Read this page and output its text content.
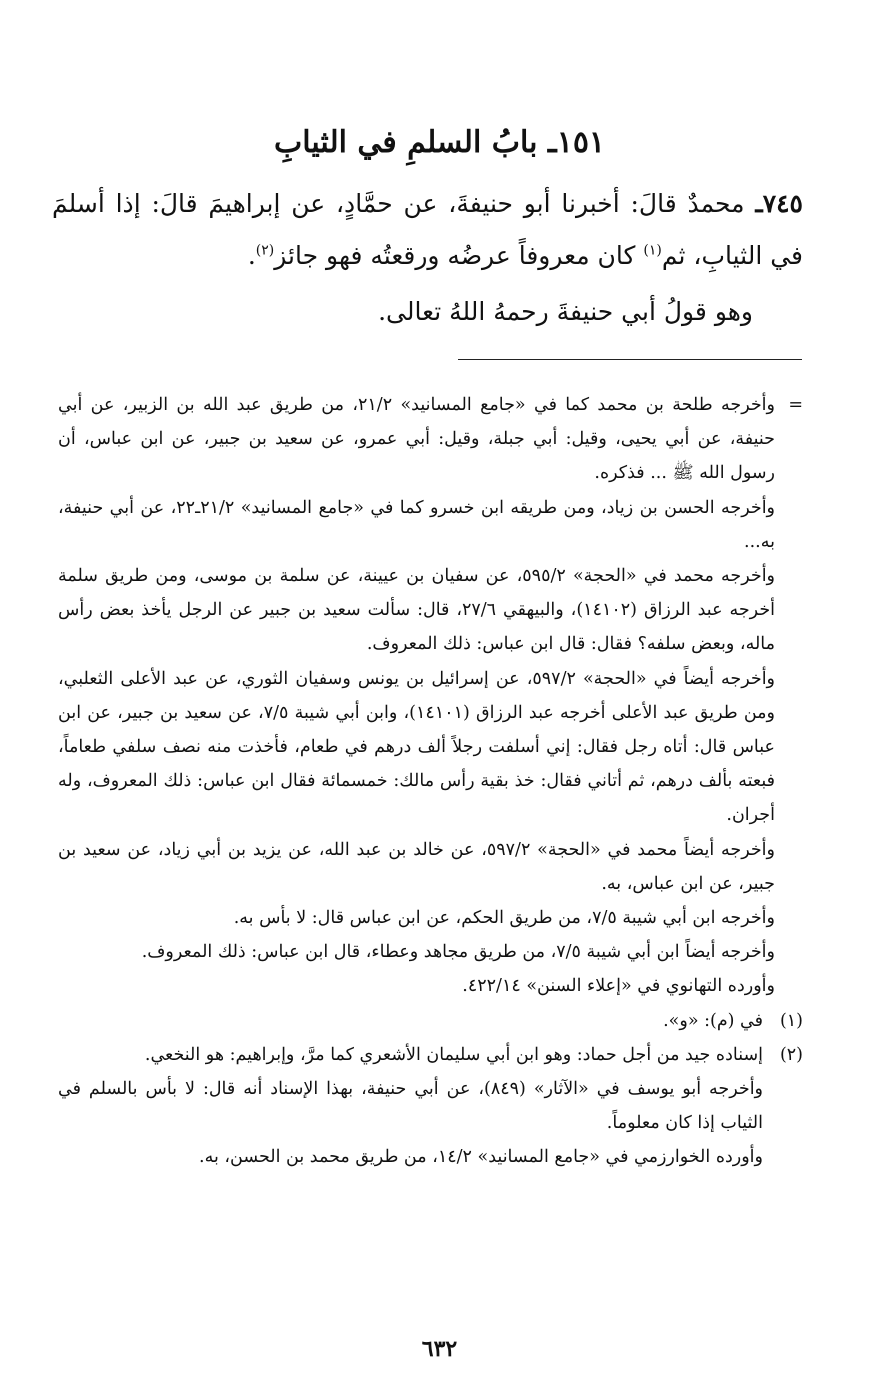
١٥١ـ بابُ السلمِ في الثيابِ

٧٤٥ـ محمدٌ قالَ: أخبرنا أبو حنيفةَ، عن حمَّادٍ، عن إبراهيمَ قالَ: إذا أسلمَ في الثيابِ، ثم$^{(١)}$ كان معروفاً عرضُه ورقعتُه فهو جائز$^{(٢)}$.

وهو قولُ أبي حنيفةَ رحمهُ اللهُ تعالى.

=
وأخرجه طلحة بن محمد كما في «جامع المسانيد» ٢١/٢، من طريق عبد الله بن الزبير، عن أبي حنيفة، عن أبي يحيى، وقيل: أبي جبلة، وقيل: أبي عمرو، عن سعيد بن جبير، عن ابن عباس، أن رسول الله ﷺ ... فذكره.

وأخرجه الحسن بن زياد، ومن طريقه ابن خسرو كما في «جامع المسانيد» ٢١/٢ـ٢٢، عن أبي حنيفة، به...

وأخرجه محمد في «الحجة» ٥٩٥/٢، عن سفيان بن عيينة، عن سلمة بن موسى، ومن طريق سلمة أخرجه عبد الرزاق (١٤١٠٢)، والبيهقي ٢٧/٦، قال: سألت سعيد بن جبير عن الرجل يأخذ بعض رأس ماله، وبعض سلفه؟ فقال: قال ابن عباس: ذلك المعروف.

وأخرجه أيضاً في «الحجة» ٥٩٧/٢، عن إسرائيل بن يونس وسفيان الثوري، عن عبد الأعلى الثعلبي، ومن طريق عبد الأعلى أخرجه عبد الرزاق (١٤١٠١)، وابن أبي شيبة ٧/٥، عن سعيد بن جبير، عن ابن عباس قال: أتاه رجل فقال: إني أسلفت رجلاً ألف درهم في طعام، فأخذت منه نصف سلفي طعاماً، فبعته بألف درهم، ثم أتاني فقال: خذ بقية رأس مالك: خمسمائة فقال ابن عباس: ذلك المعروف، وله أجران.

وأخرجه أيضاً محمد في «الحجة» ٥٩٧/٢، عن خالد بن عبد الله، عن يزيد بن أبي زياد، عن سعيد بن جبير، عن ابن عباس، به.

وأخرجه ابن أبي شيبة ٧/٥، من طريق الحكم، عن ابن عباس قال: لا بأس به.

وأخرجه أيضاً ابن أبي شيبة ٧/٥، من طريق مجاهد وعطاء، قال ابن عباس: ذلك المعروف.

وأورده التهانوي في «إعلاء السنن» ٤٢٢/١٤.

(١)
في (م): «و».

(٢)
إسناده جيد من أجل حماد: وهو ابن أبي سليمان الأشعري كما مرَّ، وإبراهيم: هو النخعي.

وأخرجه أبو يوسف في «الآثار» (٨٤٩)، عن أبي حنيفة، بهذا الإسناد أنه قال: لا بأس بالسلم في الثياب إذا كان معلوماً.

وأورده الخوارزمي في «جامع المسانيد» ١٤/٢، من طريق محمد بن الحسن، به.

٦٣٢
